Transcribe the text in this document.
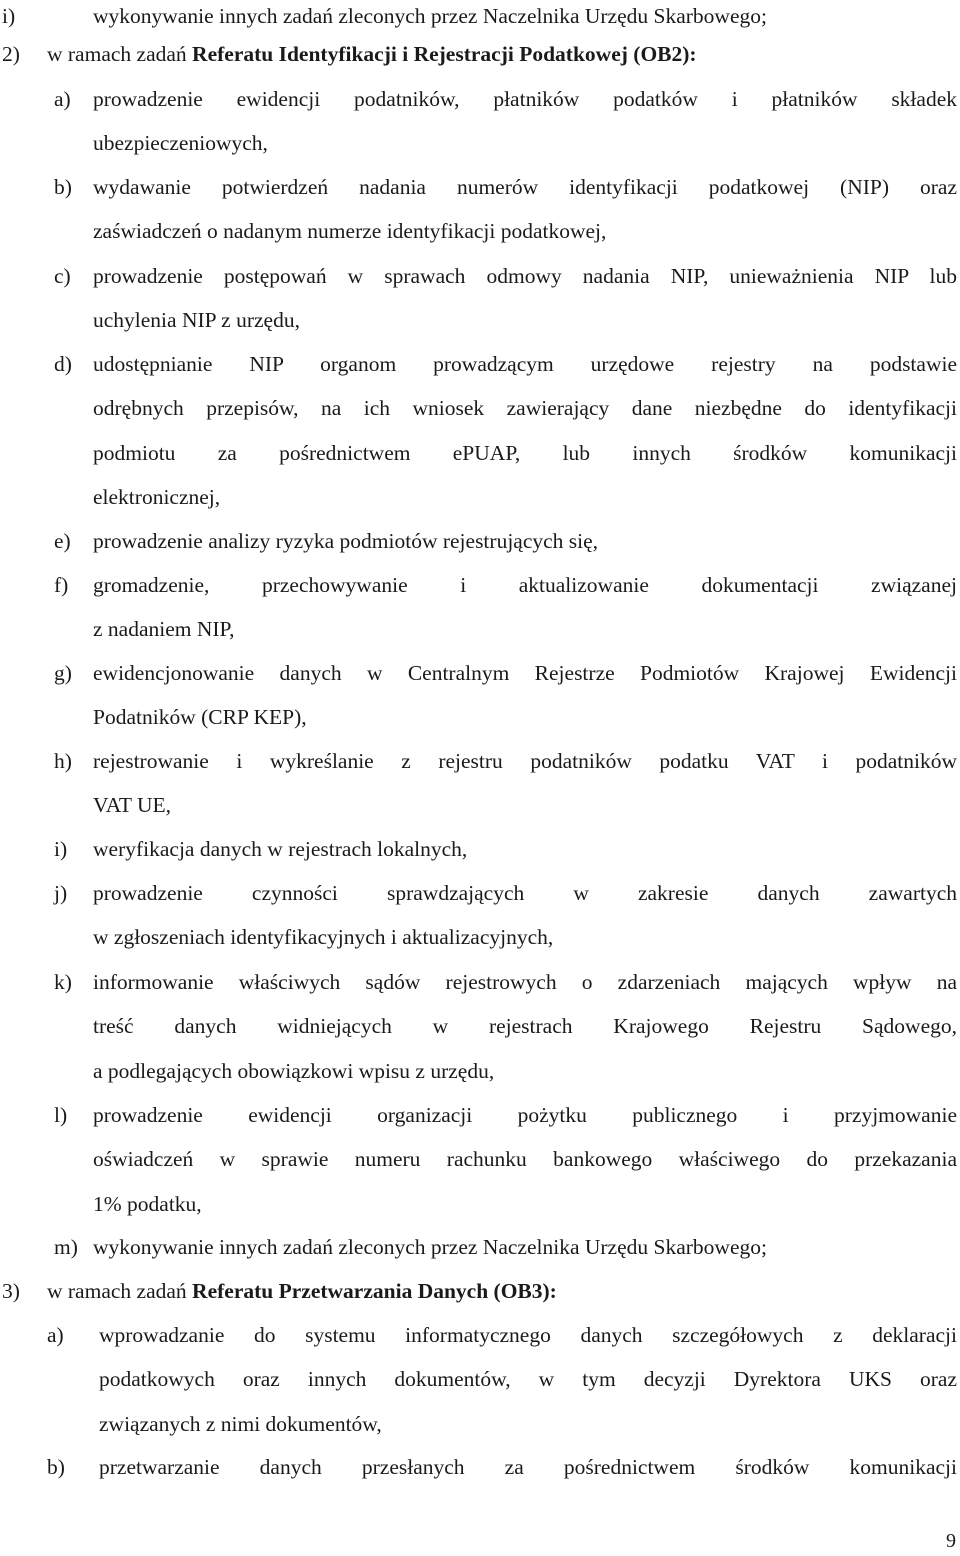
i)	wykonywanie innych zadań zleconych przez Naczelnika Urzędu Skarbowego;
2) w ramach zadań Referatu Identyfikacji i Rejestracji Podatkowej (OB2):
a) prowadzenie ewidencji podatników, płatników podatków i płatników składek
ubezpieczeniowych,
b) wydawanie potwierdzeń nadania numerów identyfikacji podatkowej (NIP) oraz
zaświadczeń o nadanym numerze identyfikacji podatkowej,
c) prowadzenie postępowań w sprawach odmowy nadania NIP, unieważnienia NIP lub
uchylenia NIP z urzędu,
d) udostępnianie NIP organom prowadzącym urzędowe rejestry na podstawie
odrębnych przepisów, na ich wniosek zawierający dane niezbędne do identyfikacji
podmiotu za pośrednictwem ePUAP, lub innych środków komunikacji
elektronicznej,
e) prowadzenie analizy ryzyka podmiotów rejestrujących się,
f) gromadzenie, przechowywanie i aktualizowanie dokumentacji związanej
z nadaniem NIP,
g) ewidencjonowanie danych w Centralnym Rejestrze Podmiotów Krajowej Ewidencji
Podatników (CRP KEP),
h) rejestrowanie i wykreślanie z rejestru podatników podatku VAT i podatników
VAT UE,
i) weryfikacja danych w rejestrach lokalnych,
j) prowadzenie czynności sprawdzających w zakresie danych zawartych
w zgłoszeniach identyfikacyjnych i aktualizacyjnych,
k) informowanie właściwych sądów rejestrowych o zdarzeniach mających wpływ na
treść danych widniejących w rejestrach Krajowego Rejestru Sądowego,
a podlegających obowiązkowi wpisu z urzędu,
l) prowadzenie ewidencji organizacji pożytku publicznego i przyjmowanie
oświadczeń w sprawie numeru rachunku bankowego właściwego do przekazania
1% podatku,
m) wykonywanie innych zadań zleconych przez Naczelnika Urzędu Skarbowego;
3) w ramach zadań Referatu Przetwarzania Danych (OB3):
a) wprowadzanie do systemu informatycznego danych szczegółowych z deklaracji
podatkowych oraz innych dokumentów, w tym decyzji Dyrektora UKS oraz
związanych z nimi dokumentów,
b) przetwarzanie danych przesłanych za pośrednictwem środków komunikacji
9
